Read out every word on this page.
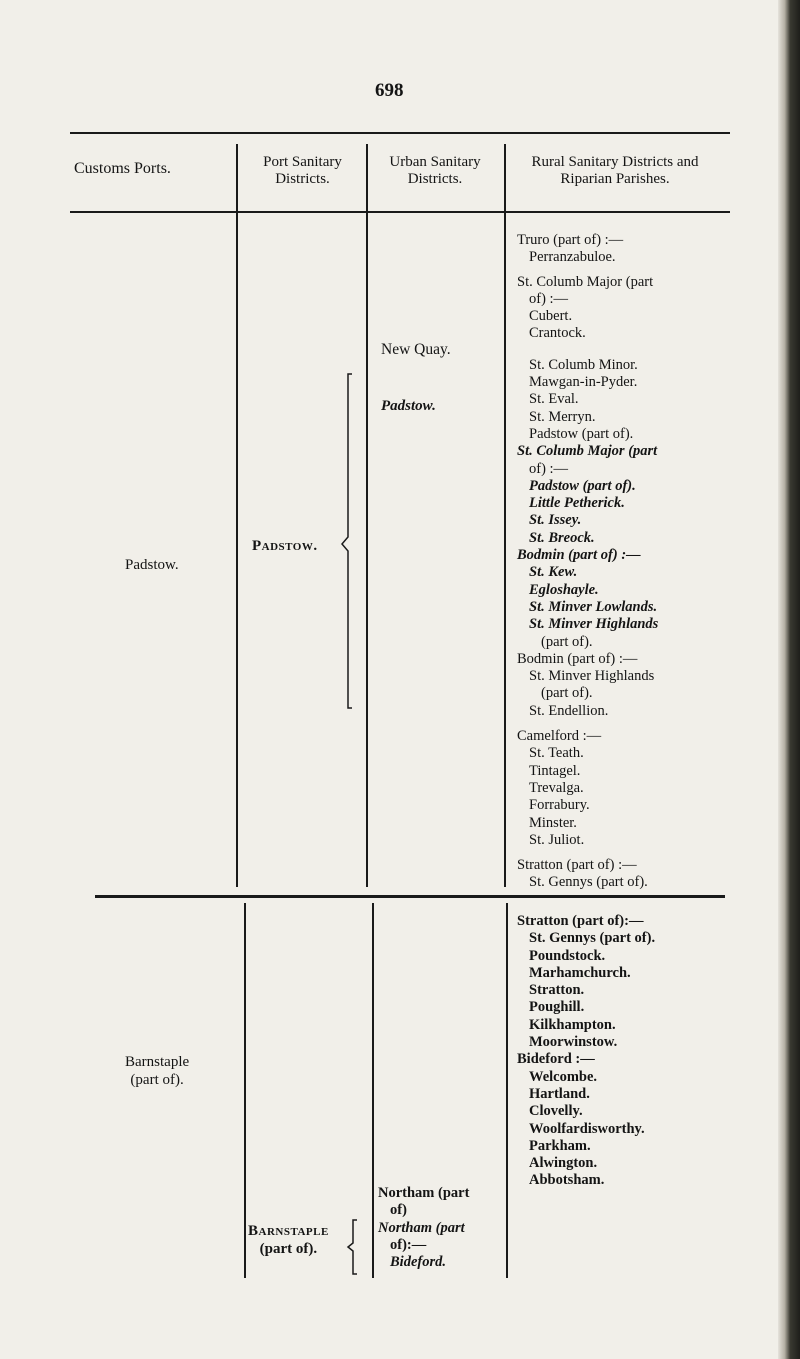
698
Customs Ports.	Port Sanitary Districts.
Urban Sanitary Districts.
Rural Sanitary Districts and Riparian Parishes.
Padstow.
Padstow.
New Quay.
Padstow.
Truro (part of) :—
Perranzabuloe.
St. Columb Major (part
of) :—
Cubert.
Crantock.
St. Columb Minor.
Mawgan-in-Pyder.
St. Eval.
St. Merryn.
Padstow (part of).
St. Columb Major (part
of) :—
Padstow (part of).
Little Petherick.
St. Issey.
St. Breock.
Bodmin (part of) :—
St. Kew.
Egloshayle.
St. Minver Lowlands.
St. Minver Highlands
(part of).
Bodmin (part of) :—
St. Minver Highlands
(part of).
St. Endellion.
Camelford :—
St. Teath.
Tintagel.
Trevalga.
Forrabury.
Minster.
St. Juliot.
Stratton (part of) :—
St. Gennys (part of).
Barnstaple
(part of).
Barnstaple
(part of).
Northam (part
of)
Northam (part
of):—
Bideford.
Stratton (part of):—
St. Gennys (part of).
Poundstock.
Marhamchurch.
Stratton.
Poughill.
Kilkhampton.
Moorwinstow.
Bideford :—
Welcombe.
Hartland.
Clovelly.
Woolfardisworthy.
Parkham.
Alwington.
Abbotsham.
